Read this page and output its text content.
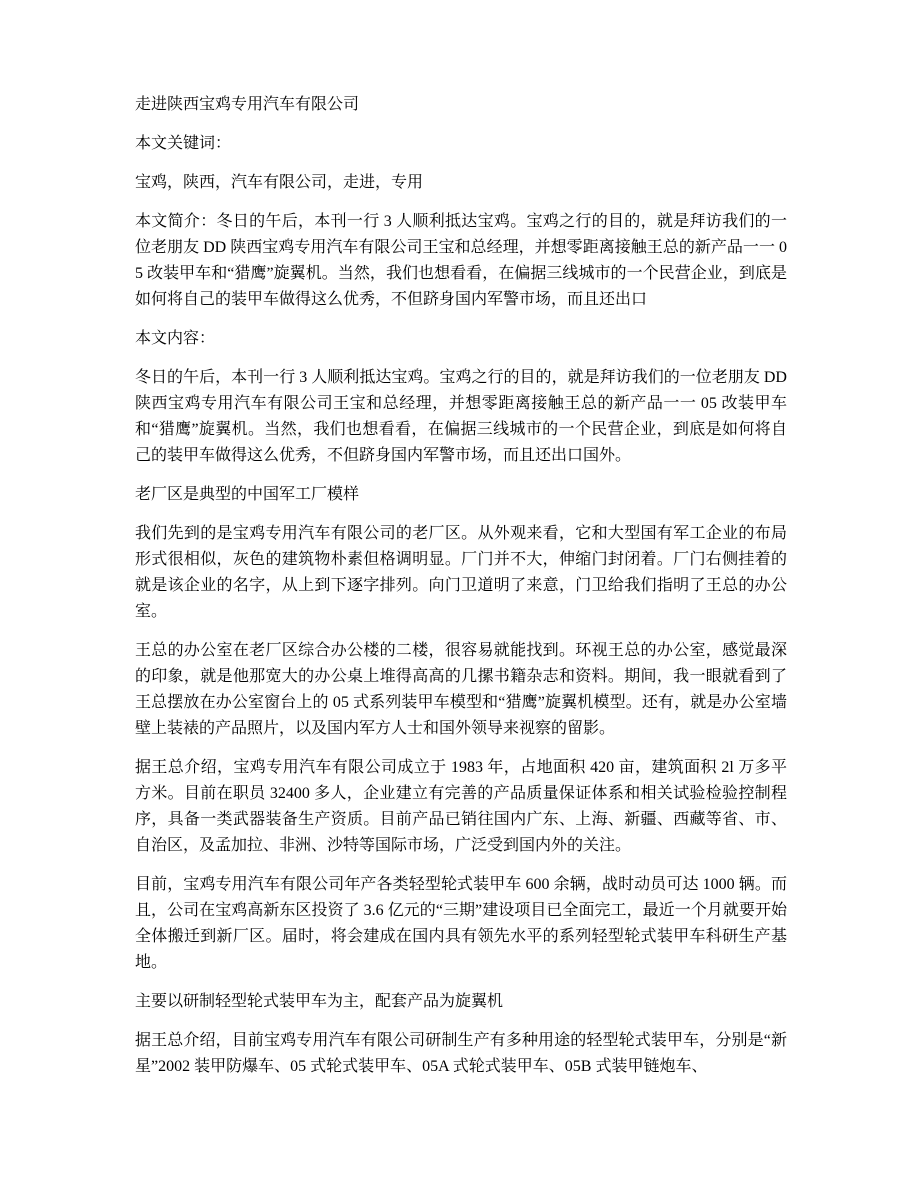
走进陕西宝鸡专用汽车有限公司

本文关键词：

宝鸡，陕西，汽车有限公司，走进，专用

本文简介：冬日的午后，本刊一行 3 人顺利抵达宝鸡。宝鸡之行的目的，就是拜访我们的一位老朋友 DD 陕西宝鸡专用汽车有限公司王宝和总经理，并想零距离接触王总的新产品一一 05 改装甲车和“猎鹰”旋翼机。当然，我们也想看看，在偏据三线城市的一个民营企业，到底是如何将自己的装甲车做得这么优秀，不但跻身国内军警市场，而且还出口

本文内容：

冬日的午后，本刊一行 3 人顺利抵达宝鸡。宝鸡之行的目的，就是拜访我们的一位老朋友 DD 陕西宝鸡专用汽车有限公司王宝和总经理，并想零距离接触王总的新产品一一 05 改装甲车和“猎鹰”旋翼机。当然，我们也想看看，在偏据三线城市的一个民营企业，到底是如何将自己的装甲车做得这么优秀，不但跻身国内军警市场，而且还出口国外。

老厂区是典型的中国军工厂模样

我们先到的是宝鸡专用汽车有限公司的老厂区。从外观来看，它和大型国有军工企业的布局形式很相似，灰色的建筑物朴素但格调明显。厂门并不大，伸缩门封闭着。厂门右侧挂着的就是该企业的名字，从上到下逐字排列。向门卫道明了来意，门卫给我们指明了王总的办公室。

王总的办公室在老厂区综合办公楼的二楼，很容易就能找到。环视王总的办公室，感觉最深的印象，就是他那宽大的办公桌上堆得高高的几摞书籍杂志和资料。期间，我一眼就看到了王总摆放在办公室窗台上的 05 式系列装甲车模型和“猎鹰”旋翼机模型。还有，就是办公室墙壁上装裱的产品照片，以及国内军方人士和国外领导来视察的留影。

据王总介绍，宝鸡专用汽车有限公司成立于 1983 年，占地面积 420 亩，建筑面积 2l 万多平方米。目前在职员 32400 多人，企业建立有完善的产品质量保证体系和相关试验检验控制程序，具备一类武器装备生产资质。目前产品已销往国内广东、上海、新疆、西藏等省、市、自治区，及孟加拉、非洲、沙特等国际市场，广泛受到国内外的关注。

目前，宝鸡专用汽车有限公司年产各类轻型轮式装甲车 600 余辆，战时动员可达 1000 辆。而且，公司在宝鸡高新东区投资了 3.6 亿元的“三期”建设项目已全面完工，最近一个月就要开始全体搬迁到新厂区。届时，将会建成在国内具有领先水平的系列轻型轮式装甲车科研生产基地。

主要以研制轻型轮式装甲车为主，配套产品为旋翼机

据王总介绍，目前宝鸡专用汽车有限公司研制生产有多种用途的轻型轮式装甲车，分别是“新星”2002 装甲防爆车、05 式轮式装甲车、05A 式轮式装甲车、05B 式装甲链炮车、
